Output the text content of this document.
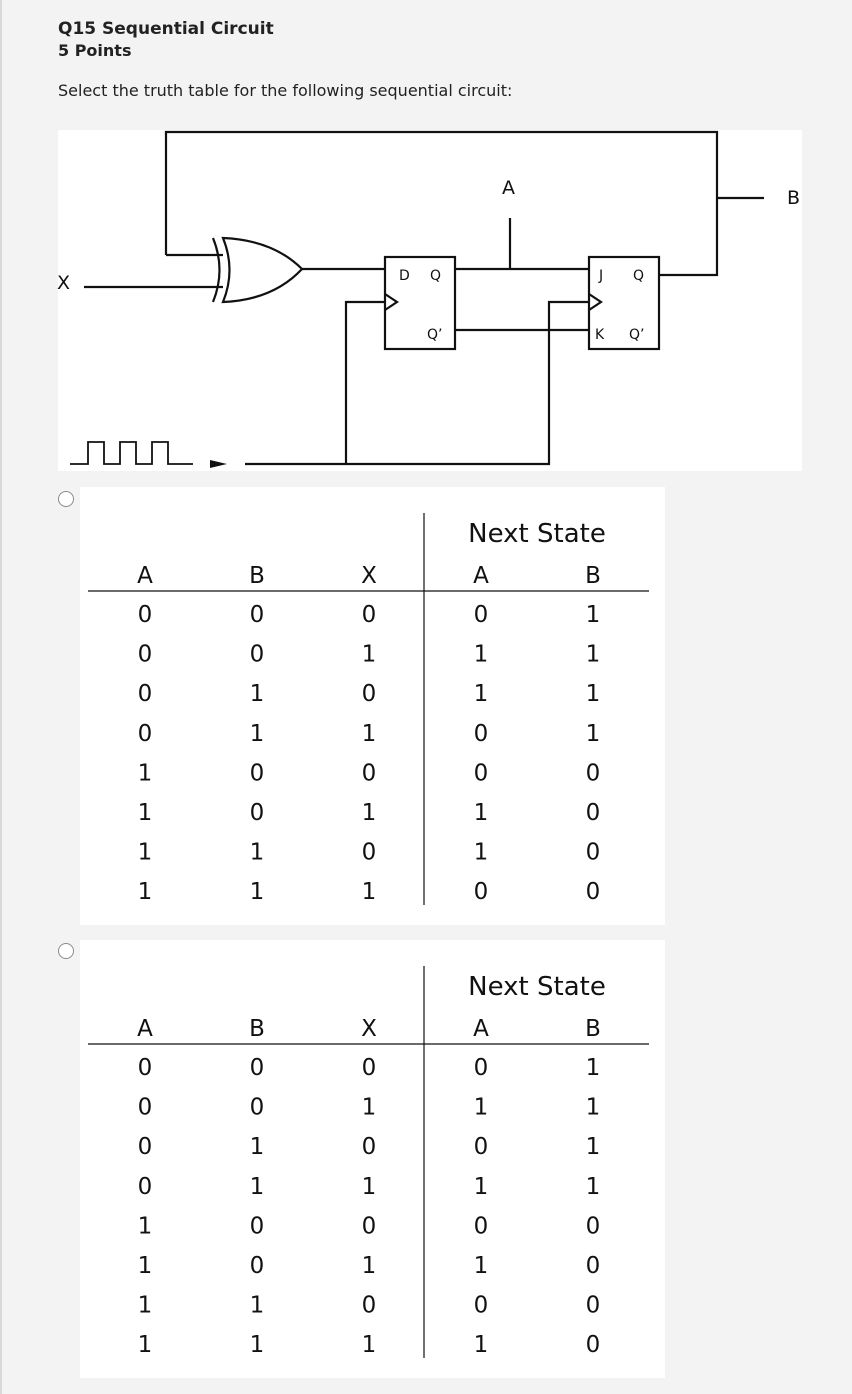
Q15 Sequential Circuit
5 Points
Select the truth table for the following sequential circuit:
D Q
Q’
J Q
K Q’
A
X
B
Next State
A	B	X	A	B
0	0	0	0	1
0	0	1	1	1
0	1	0	1	1
0	1	1	0	1
1	0	0	0	0
1	0	1	1	0
1	1	0	1	0
1	1	1	0	0
Next State
A	B	X	A	B
0	0	0	0	1
0	0	1	1	1
0	1	0	0	1
0	1	1	1	1
1	0	0	0	0
1	0	1	1	0
1	1	0	0	0
1	1	1	1	0
